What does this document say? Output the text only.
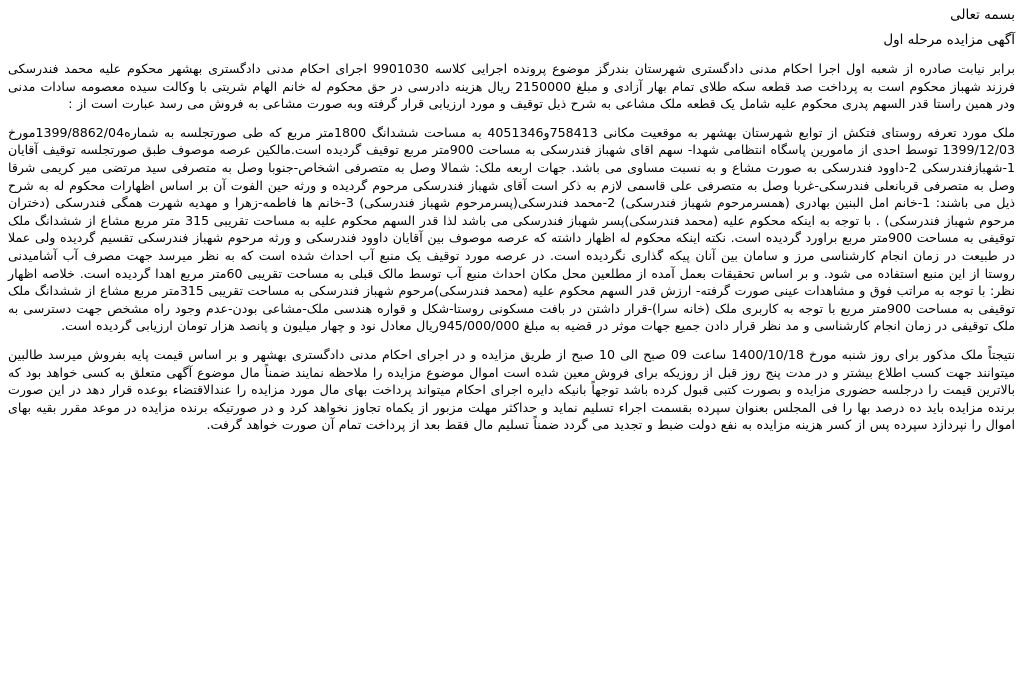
بسمه تعالی

آگهی مزایده مرحله اول

برابر نیابت صادره از شعبه اول اجرا احکام مدنی دادگستری شهرستان بندرگز موضوع پرونده اجرایی کلاسه 9901030 اجرای احکام مدنی دادگستری بهشهر محکوم علیه محمد فندرسکی فرزند شهباز محکوم است به پرداخت صد قطعه سکه طلای تمام بهار آزادی و مبلغ 2150000 ریال هزینه دادرسی در حق محکوم له خانم الهام شریتی با وکالت سیده معصومه سادات مدنی ودر همین راستا قدر السهم پدری محکوم علیه شامل یک قطعه ملک مشاعی به شرح ذیل توقیف و مورد ارزیابی قرار گرفته وبه صورت مشاعی به فروش می رسد عبارت است از :

ملک مورد تعرفه روستای فتکش از توابع شهرستان بهشهر به موقعیت مکانی 758413و4051346 به مساحت ششدانگ 1800متر مربع که طی صورتجلسه به شماره1399/8862/04مورخ 1399/12/03 توسط احدی از مامورین پاسگاه انتظامی شهدا- سهم اقای شهباز فندرسکی به مساحت 900متر مربع توقیف گردیده است.مالکین عرصه موصوف طبق صورتجلسه توقیف آقایان 1-شهبازفندرسکی 2-داوود فندرسکی به صورت مشاع و به نسبت مساوی می باشد. جهات اربعه ملک: شمالا وصل به متصرفی اشخاص-جنوبا وصل به متصرفی سید مرتضی میر کریمی شرقا وصل به متصرفی قربانعلی فندرسکی-غربا وصل به متصرفی علی قاسمی لازم به ذکر است آقای شهباز فندرسکی مرحوم گردیده و ورثه حین الفوت آن بر اساس اظهارات محکوم له به شرح ذیل می باشند: 1-خانم امل البنین بهادری (همسرمرحوم شهباز فندرسکی) 2-محمد فندرسکی(پسرمرحوم شهباز فندرسکی) 3-خانم ها فاطمه-زهرا و مهدیه شهرت همگی فندرسکی (دختران مرحوم شهباز فندرسکی) . با توجه به اینکه محکوم علیه (محمد فندرسکی)پسر شهباز فندرسکی می باشد لذا قدر السهم محکوم علیه به مساحت تقریبی 315 متر مربع مشاع از ششدانگ ملک توقیفی به مساحت 900متر مربع براورد گردیده است. نکته اینکه محکوم له اظهار داشته که عرصه موصوف بین آقایان داوود فندرسکی و ورثه مرحوم شهباز فندرسکی تقسیم گردیده ولی عملا در طبیعت در زمان انجام کارشناسی مرز و سامان بین آنان پیکه گذاری نگردیده است. در عرصه مورد توقیف یک منبع آب احداث شده است که به نظر میرسد جهت مصرف آب آشامیدنی روستا از این منبع استفاده می شود. و بر اساس تحقیقات بعمل آمده از مطلعین محل مکان احداث منبع آب توسط مالک قبلی به مساحت تقریبی 60متر مربع اهدا گردیده است. خلاصه اظهار نظر: با توجه به مراتب فوق و مشاهدات عینی صورت گرفته- ارزش قدر السهم محکوم علیه (محمد فندرسکی)مرحوم شهباز فندرسکی به مساحت تقریبی 315متر مربع مشاع از ششدانگ ملک توقیفی به مساحت 900متر مربع با توجه به کاربری ملک (خانه سرا)-قرار داشتن در بافت مسکونی روستا-شکل و قواره هندسی ملک-مشاعی بودن-عدم وجود راه مشخص جهت دسترسی به ملک توقیفی در زمان انجام کارشناسی و مد نظر قرار دادن جمیع جهات موثر در قضیه به مبلغ 945/000/000ریال معادل نود و چهار میلیون و پانصد هزار تومان ارزیابی گردیده است.

نتیجتاً ملک مذکور برای روز شنبه مورخ 1400/10/18 ساعت 09 صبح الی 10 صبح از طریق مزایده و در اجرای احکام مدنی دادگستری بهشهر و بر اساس قیمت پایه بفروش میرسد طالبین میتوانند جهت کسب اطلاع بیشتر و در مدت پنج روز قبل از روزیکه برای فروش معین شده است اموال موضوع مزایده را ملاحظه نمایند ضمناً مال موضوع آگهی متعلق به کسی خواهد بود که بالاترین قیمت را درجلسه حضوری مزایده و بصورت کتبی قبول کرده باشد توجهاً بانیکه دایره اجرای احکام میتواند پرداخت بهای مال مورد مزایده را عندالاقتضاء بوعده قرار دهد در این صورت برنده مزایده باید ده درصد بها را فی المجلس بعنوان سپرده بقسمت اجراء تسلیم نماید و حداکثر مهلت مزبور از یکماه تجاوز نخواهد کرد و در صورتیکه برنده مزایده در موعد مقرر بقیه بهای اموال را نپردازد سپرده پس از کسر هزینه مزایده به نفع دولت ضبط و تجدید می گردد ضمناً تسلیم مال فقط بعد از پرداخت تمام آن صورت خواهد گرفت.
